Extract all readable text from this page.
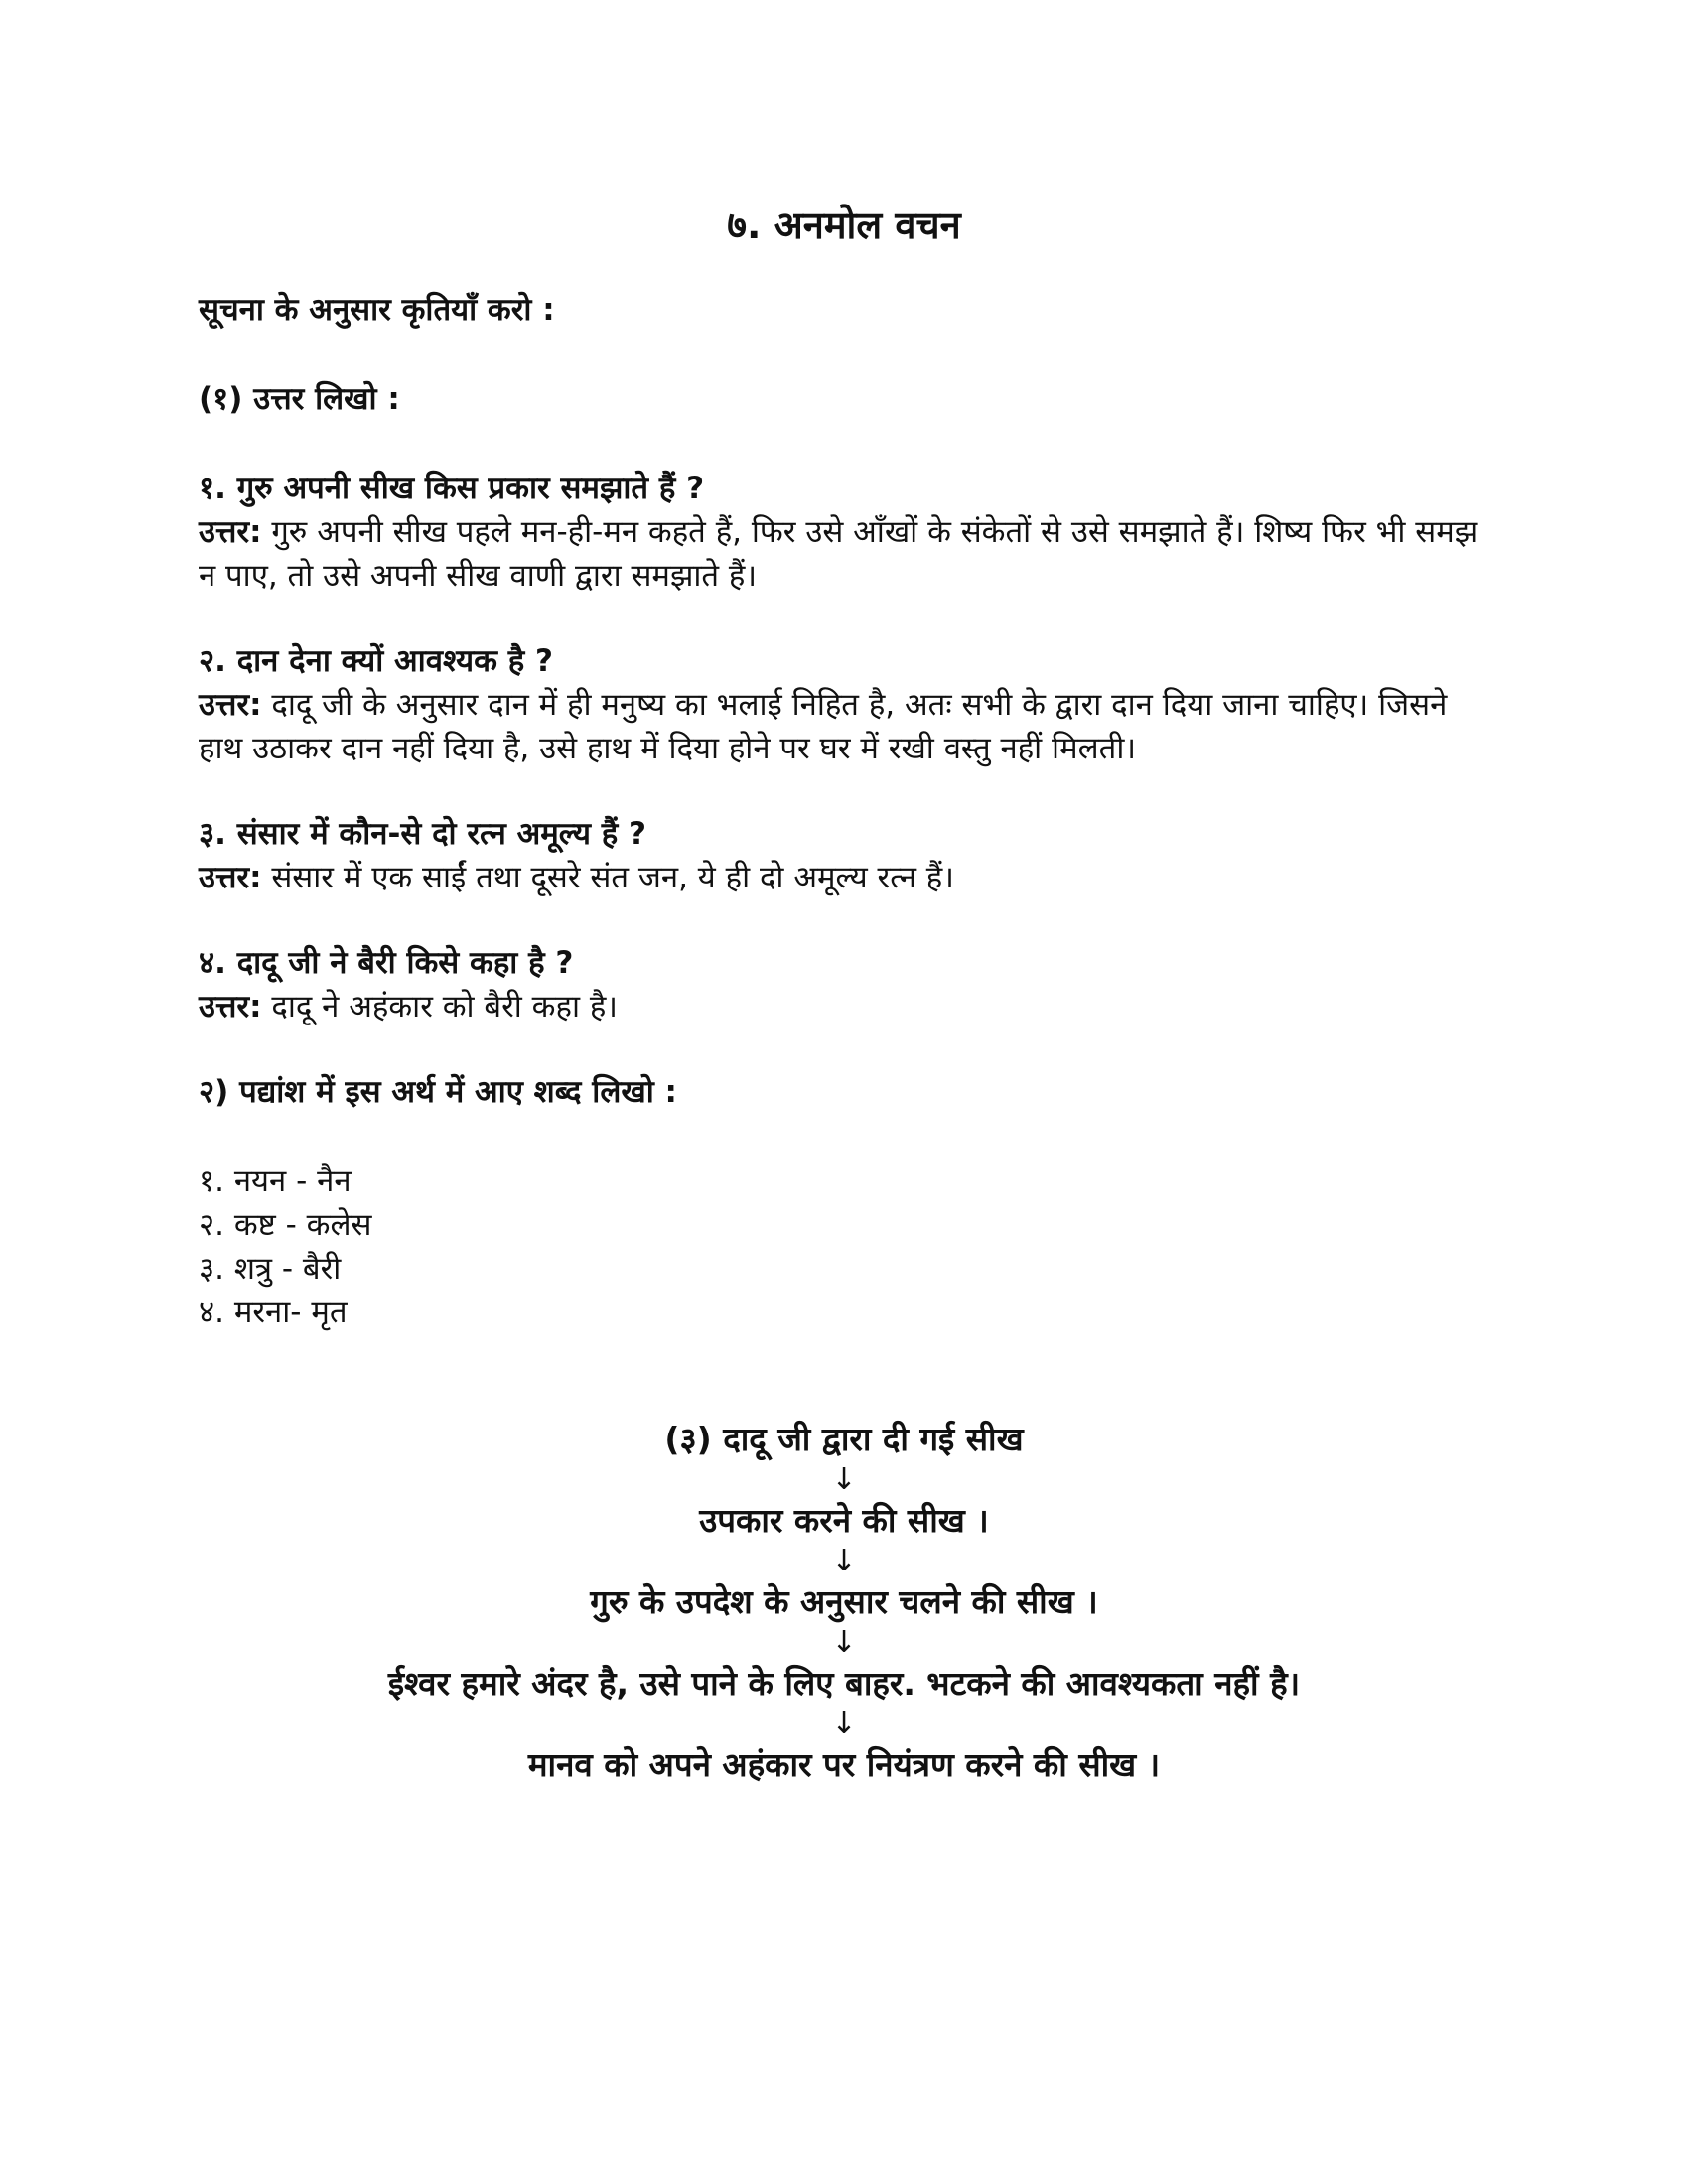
७. अनमोल वचन

सूचना के अनुसार कृतियाँ करो :

(१) उत्तर लिखो :

१. गुरु अपनी सीख किस प्रकार समझाते हैं ?
उत्तर: गुरु अपनी सीख पहले मन-ही-मन कहते हैं, फिर उसे आँखों के संकेतों से उसे समझाते हैं। शिष्य फिर भी समझ न पाए, तो उसे अपनी सीख वाणी द्वारा समझाते हैं।
२. दान देना क्यों आवश्यक है ?
उत्तर: दादू जी के अनुसार दान में ही मनुष्य का भलाई निहित है, अतः सभी के द्वारा दान दिया जाना चाहिए। जिसने हाथ उठाकर दान नहीं दिया है, उसे हाथ में दिया होने पर घर में रखी वस्तु नहीं मिलती।
३. संसार में कौन-से दो रत्न अमूल्य हैं ?
उत्तर: संसार में एक साईं तथा दूसरे संत जन, ये ही दो अमूल्य रत्न हैं।
४. दादू जी ने बैरी किसे कहा है ?
उत्तर: दादू ने अहंकार को बैरी कहा है।

२) पद्यांश में इस अर्थ में आए शब्द लिखो :

१. नयन - नैन
२. कष्ट - कलेस
३. शत्रु - बैरी
४. मरना- मृत
(३) दादू जी द्वारा दी गई सीख
↓
उपकार करने की सीख ।
↓
गुरु के उपदेश के अनुसार चलने की सीख ।
↓
ईश्वर हमारे अंदर है, उसे पाने के लिए बाहर. भटकने की आवश्यकता नहीं है।
↓
मानव को अपने अहंकार पर नियंत्रण करने की सीख ।
